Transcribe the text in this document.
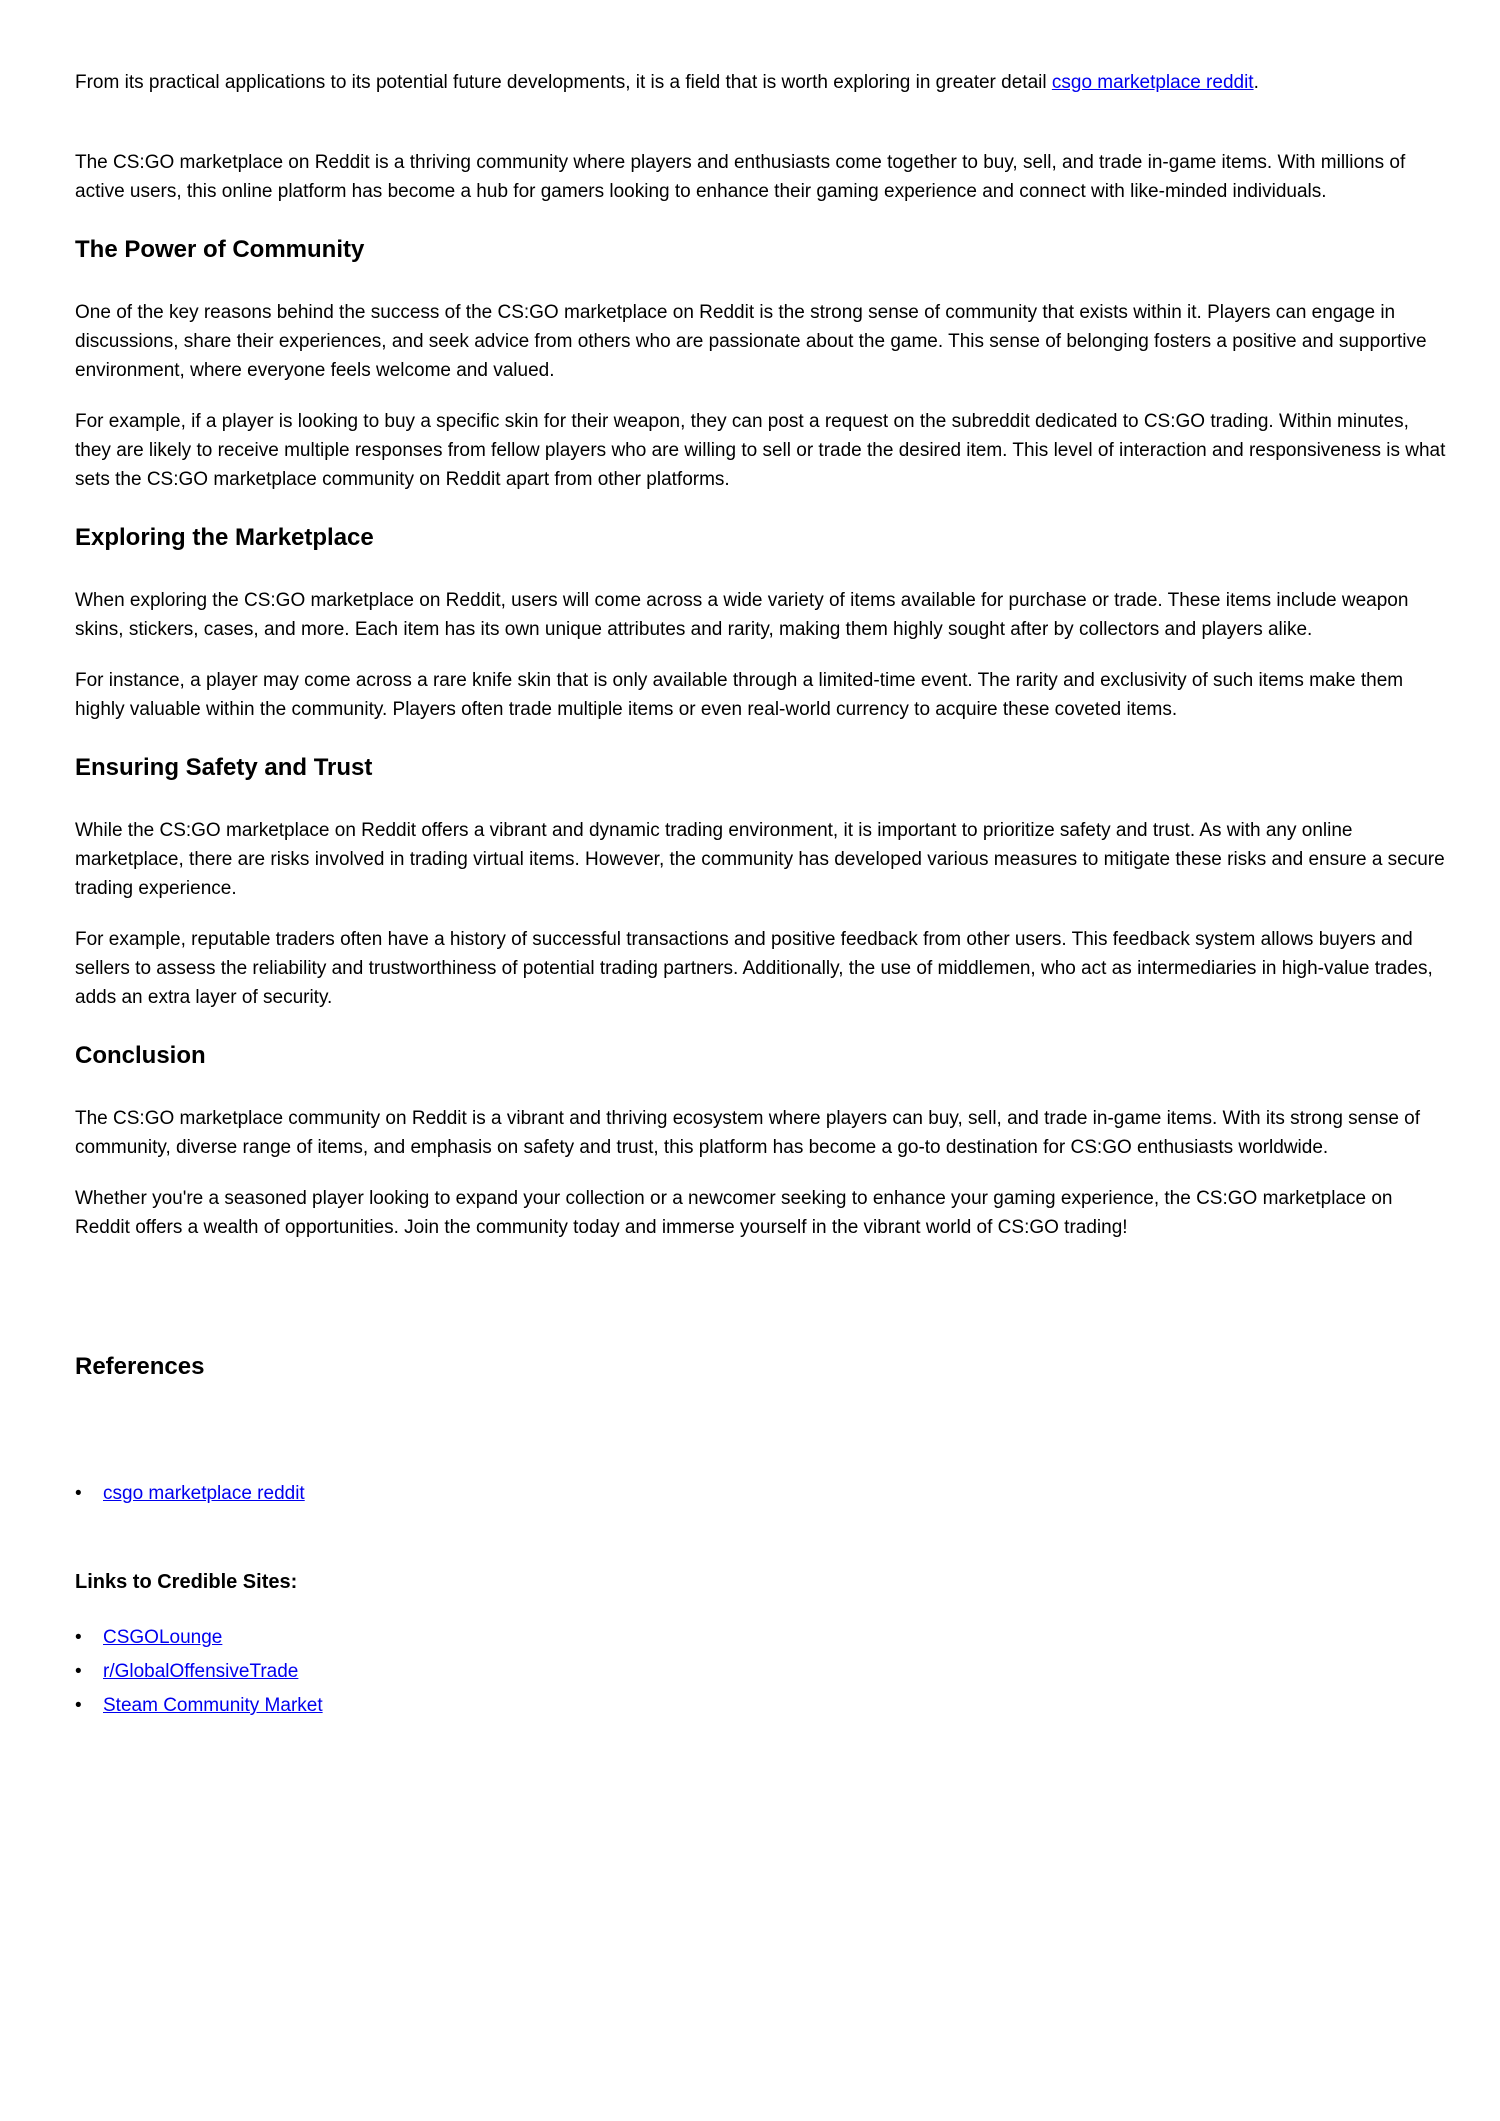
From its practical applications to its potential future developments, it is a field that is worth exploring in greater detail csgo marketplace reddit.

The CS:GO marketplace on Reddit is a thriving community where players and enthusiasts come together to buy, sell, and trade in-game items. With millions of active users, this online platform has become a hub for gamers looking to enhance their gaming experience and connect with like-minded individuals.

The Power of Community

One of the key reasons behind the success of the CS:GO marketplace on Reddit is the strong sense of community that exists within it. Players can engage in discussions, share their experiences, and seek advice from others who are passionate about the game. This sense of belonging fosters a positive and supportive environment, where everyone feels welcome and valued.

For example, if a player is looking to buy a specific skin for their weapon, they can post a request on the subreddit dedicated to CS:GO trading. Within minutes, they are likely to receive multiple responses from fellow players who are willing to sell or trade the desired item. This level of interaction and responsiveness is what sets the CS:GO marketplace community on Reddit apart from other platforms.

Exploring the Marketplace

When exploring the CS:GO marketplace on Reddit, users will come across a wide variety of items available for purchase or trade. These items include weapon skins, stickers, cases, and more. Each item has its own unique attributes and rarity, making them highly sought after by collectors and players alike.

For instance, a player may come across a rare knife skin that is only available through a limited-time event. The rarity and exclusivity of such items make them highly valuable within the community. Players often trade multiple items or even real-world currency to acquire these coveted items.

Ensuring Safety and Trust

While the CS:GO marketplace on Reddit offers a vibrant and dynamic trading environment, it is important to prioritize safety and trust. As with any online marketplace, there are risks involved in trading virtual items. However, the community has developed various measures to mitigate these risks and ensure a secure trading experience.

For example, reputable traders often have a history of successful transactions and positive feedback from other users. This feedback system allows buyers and sellers to assess the reliability and trustworthiness of potential trading partners. Additionally, the use of middlemen, who act as intermediaries in high-value trades, adds an extra layer of security.

Conclusion

The CS:GO marketplace community on Reddit is a vibrant and thriving ecosystem where players can buy, sell, and trade in-game items. With its strong sense of community, diverse range of items, and emphasis on safety and trust, this platform has become a go-to destination for CS:GO enthusiasts worldwide.

Whether you're a seasoned player looking to expand your collection or a newcomer seeking to enhance your gaming experience, the CS:GO marketplace on Reddit offers a wealth of opportunities. Join the community today and immerse yourself in the vibrant world of CS:GO trading!

References
• csgo marketplace reddit
Links to Credible Sites:
• CSGOLounge
• r/GlobalOffensiveTrade
• Steam Community Market
